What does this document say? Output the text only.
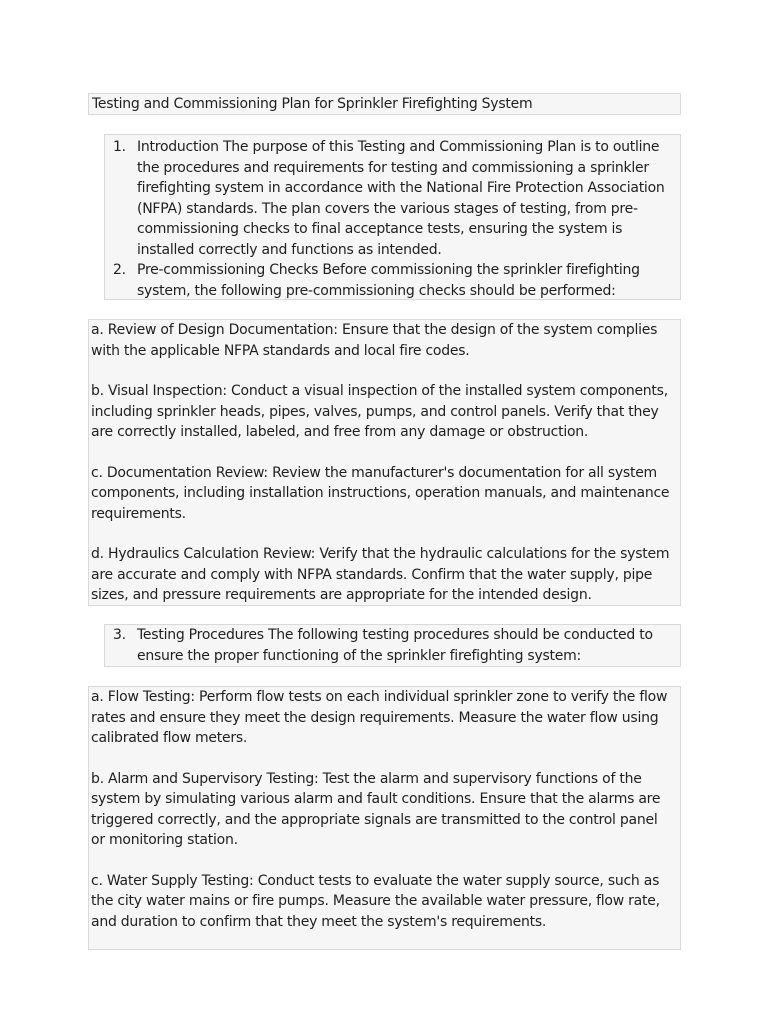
Testing and Commissioning Plan for Sprinkler Firefighting System
1. Introduction The purpose of this Testing and Commissioning Plan is to outline the procedures and requirements for testing and commissioning a sprinkler firefighting system in accordance with the National Fire Protection Association (NFPA) standards. The plan covers the various stages of testing, from pre-commissioning checks to final acceptance tests, ensuring the system is installed correctly and functions as intended.
2. Pre-commissioning Checks Before commissioning the sprinkler firefighting system, the following pre-commissioning checks should be performed:

a. Review of Design Documentation: Ensure that the design of the system complies with the applicable NFPA standards and local fire codes.

b. Visual Inspection: Conduct a visual inspection of the installed system components, including sprinkler heads, pipes, valves, pumps, and control panels. Verify that they are correctly installed, labeled, and free from any damage or obstruction.

c. Documentation Review: Review the manufacturer's documentation for all system components, including installation instructions, operation manuals, and maintenance requirements.

d. Hydraulics Calculation Review: Verify that the hydraulic calculations for the system are accurate and comply with NFPA standards. Confirm that the water supply, pipe sizes, and pressure requirements are appropriate for the intended design.

3. Testing Procedures The following testing procedures should be conducted to ensure the proper functioning of the sprinkler firefighting system:

a. Flow Testing: Perform flow tests on each individual sprinkler zone to verify the flow rates and ensure they meet the design requirements. Measure the water flow using calibrated flow meters.

b. Alarm and Supervisory Testing: Test the alarm and supervisory functions of the system by simulating various alarm and fault conditions. Ensure that the alarms are triggered correctly, and the appropriate signals are transmitted to the control panel or monitoring station.

c. Water Supply Testing: Conduct tests to evaluate the water supply source, such as the city water mains or fire pumps. Measure the available water pressure, flow rate, and duration to confirm that they meet the system's requirements.
